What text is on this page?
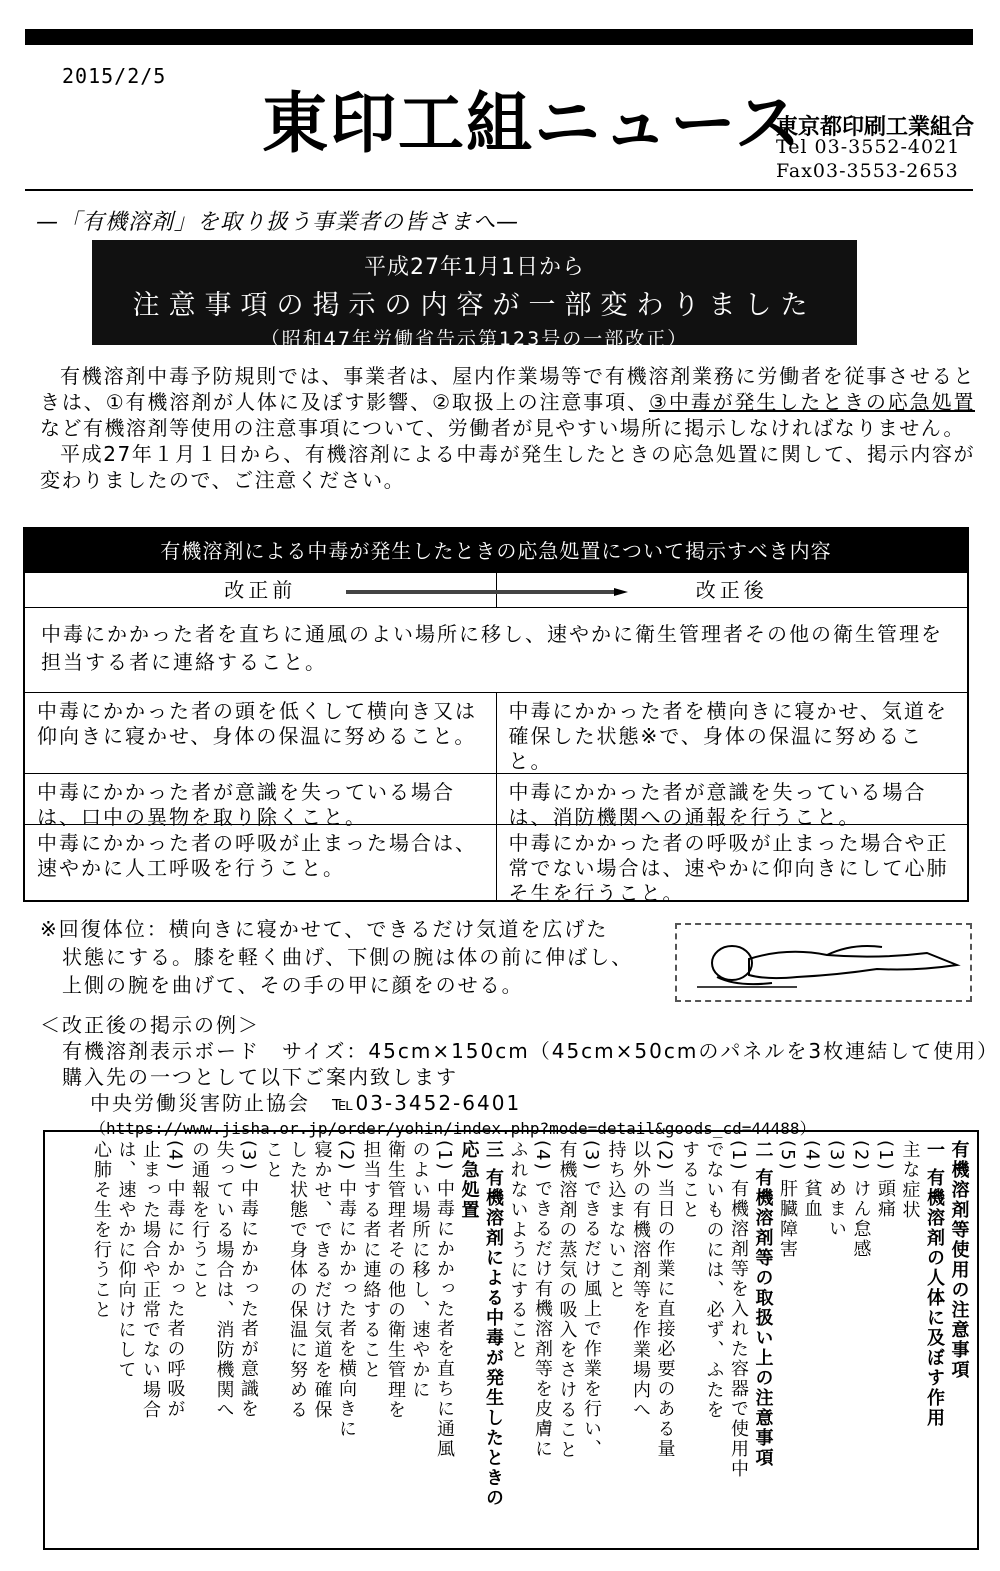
2015/2/5
東印工組ニュース
東京都印刷工業組合
Tel 03-3552-4021
Fax03-3553-2653
—「有機溶剤」を取り扱う事業者の皆さまへ—
平成27年1月1日から
注意事項の掲示の内容が一部変わりました
（昭和47年労働省告示第123号の一部改正）

有機溶剤中毒予防規則では、事業者は、屋内作業場等で有機溶剤業務に労働者を従事させるときは、①有機溶剤が人体に及ぼす影響、②取扱上の注意事項、③中毒が発生したときの応急処置など有機溶剤等使用の注意事項について、労働者が見やすい場所に掲示しなければなりません。

平成27年１月１日から、有機溶剤による中毒が発生したときの応急処置に関して、掲示内容が変わりましたので、ご注意ください。

有機溶剤による中毒が発生したときの応急処置について掲示すべき内容
改正前	改正後
中毒にかかった者を直ちに通風のよい場所に移し、速やかに衛生管理者その他の衛生管理を担当する者に連絡すること。
中毒にかかった者の頭を低くして横向き又は仰向きに寝かせ、身体の保温に努めること。
中毒にかかった者を横向きに寝かせ、気道を確保した状態※で、身体の保温に努めること。
中毒にかかった者が意識を失っている場合は、口中の異物を取り除くこと。
中毒にかかった者が意識を失っている場合は、消防機関への通報を行うこと。
中毒にかかった者の呼吸が止まった場合は、速やかに人工呼吸を行うこと。
中毒にかかった者の呼吸が止まった場合や正常でない場合は、速やかに仰向きにして心肺そ生を行うこと。
※回復体位：横向きに寝かせて、できるだけ気道を広げた
状態にする。膝を軽く曲げ、下側の腕は体の前に伸ばし、
上側の腕を曲げて、その手の甲に顔をのせる。
＜改正後の掲示の例＞
有機溶剤表示ボード　サイズ：45cm×150cm（45cm×50cmのパネルを3枚連結して使用）
購入先の一つとして以下ご案内致します
中央労働災害防止協会　℡03-3452-6401
（https://www.jisha.or.jp/order/yohin/index.php?mode=detail&goods_cd=44488）
有機溶剤等使用の注意事項
一 有機溶剤の人体に及ぼす作用
主な症状
(1) 頭痛
(2) けん怠感
(3) めまい
(4) 貧血
(5) 肝臓障害
二 有機溶剤等の取扱い上の注意事項
(1) 有機溶剤等を入れた容器で使用中
でないものには、必ず、ふたを
すること
(2) 当日の作業に直接必要のある量
以外の有機溶剤等を作業場内へ
持ち込まないこと
(3) できるだけ風上で作業を行い、
有機溶剤の蒸気の吸入をさけること
(4) できるだけ有機溶剤等を皮膚に
ふれないようにすること
三 有機溶剤による中毒が発生したときの
応急処置
(1) 中毒にかかった者を直ちに通風
のよい場所に移し、速やかに
衛生管理者その他の衛生管理を
担当する者に連絡すること
(2) 中毒にかかった者を横向きに
寝かせ、できるだけ気道を確保
した状態で身体の保温に努める
こと
(3) 中毒にかかった者が意識を
失っている場合は、消防機関へ
の通報を行うこと
(4) 中毒にかかった者の呼吸が
止まった場合や正常でない場合
は、速やかに仰向けにして
心肺そ生を行うこと
